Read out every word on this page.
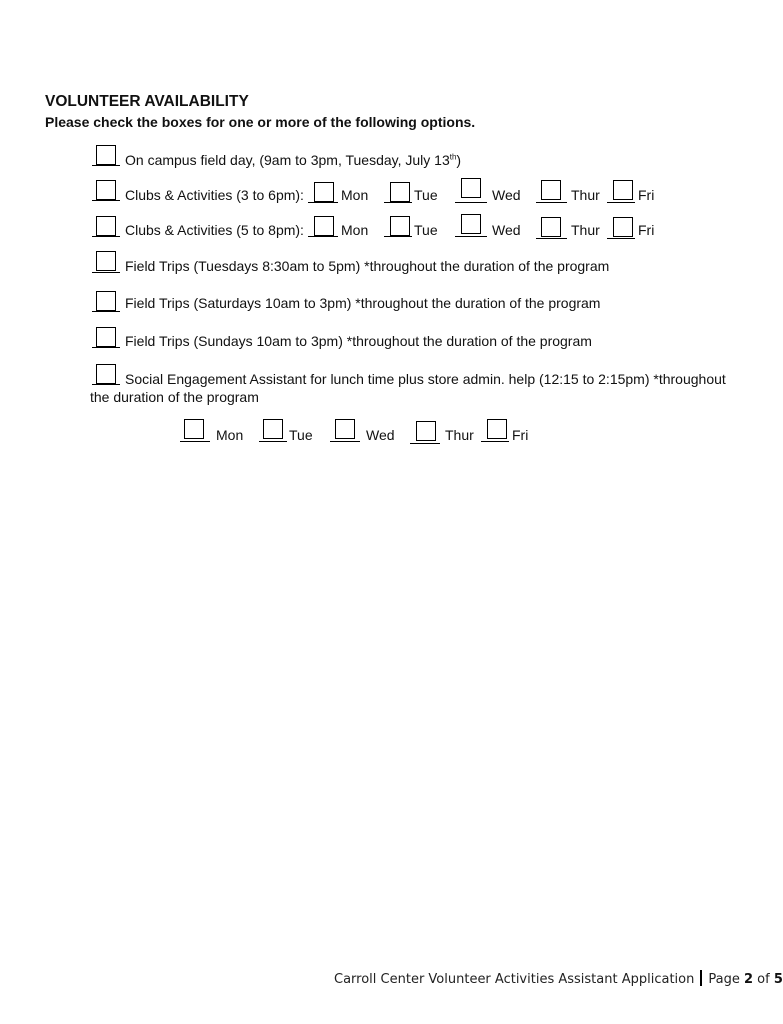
VOLUNTEER AVAILABILITY
Please check the boxes for one or more of the following options.
On campus field day, (9am to 3pm, Tuesday, July 13th)
Clubs & Activities (3 to 6pm):	Mon	Tue	Wed	Thur	Fri
Clubs & Activities (5 to 8pm):	Mon	Tue	Wed	Thur	Fri
Field Trips (Tuesdays 8:30am to 5pm) *throughout the duration of the program
Field Trips (Saturdays 10am to 3pm) *throughout the duration of the program
Field Trips (Sundays 10am to 3pm) *throughout the duration of the program
Social Engagement Assistant for lunch time plus store admin. help (12:15 to 2:15pm) *throughout
the duration of the program
Mon	Tue	Wed	Thur	Fri
Carroll Center Volunteer Activities Assistant Application Page 2 of 5
